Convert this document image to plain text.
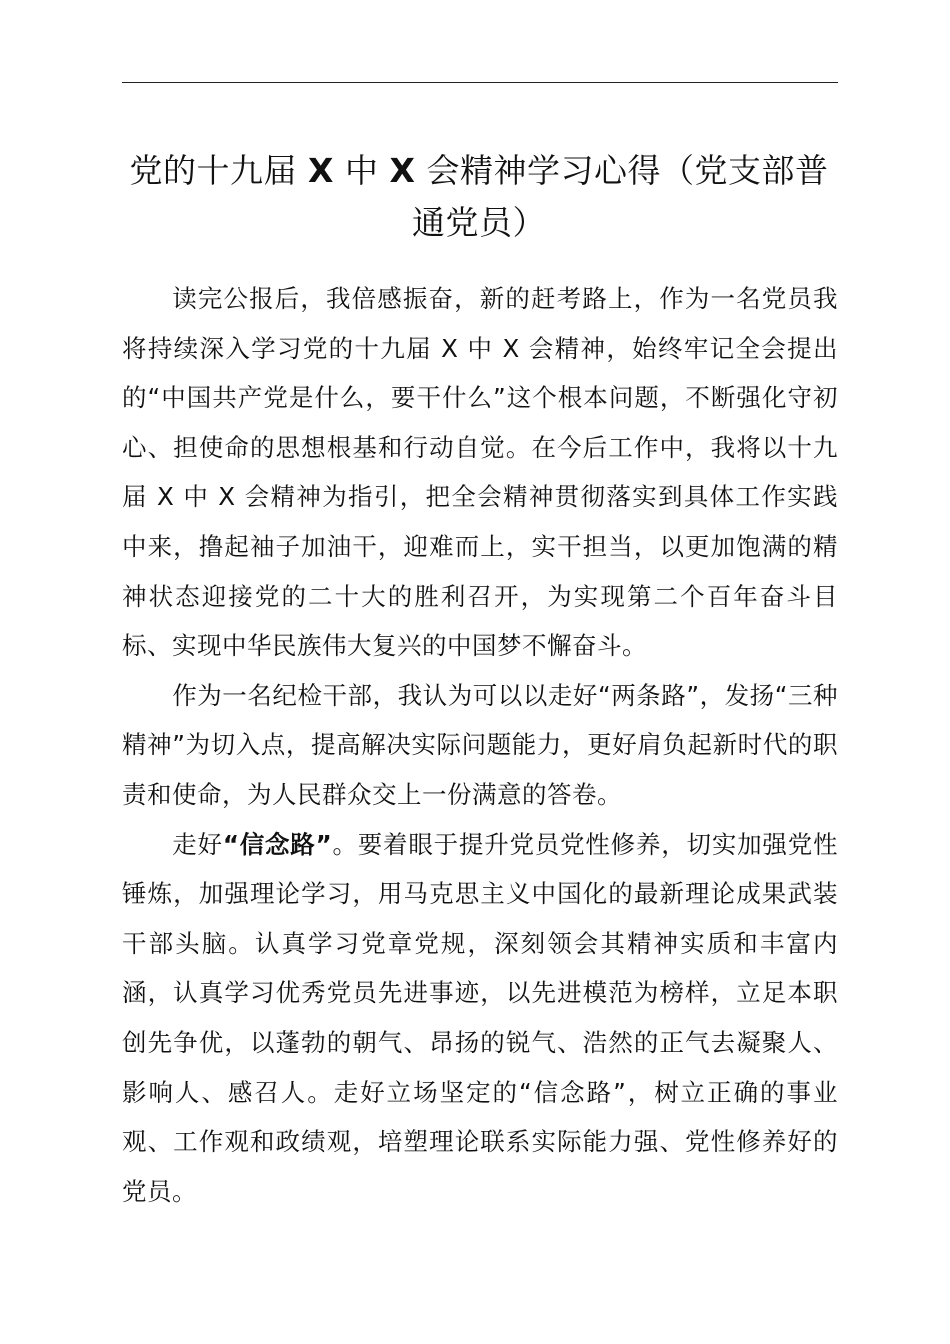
党的十九届 X 中 X 会精神学习心得（党支部普通党员）

读完公报后，我倍感振奋，新的赶考路上，作为一名党员我将持续深入学习党的十九届 X 中 X 会精神，始终牢记全会提出的“中国共产党是什么，要干什么”这个根本问题，不断强化守初心、担使命的思想根基和行动自觉。在今后工作中，我将以十九届 X 中 X 会精神为指引，把全会精神贯彻落实到具体工作实践中来，撸起袖子加油干，迎难而上，实干担当，以更加饱满的精神状态迎接党的二十大的胜利召开，为实现第二个百年奋斗目标、实现中华民族伟大复兴的中国梦不懈奋斗。

作为一名纪检干部，我认为可以以走好“两条路”，发扬“三种精神”为切入点，提高解决实际问题能力，更好肩负起新时代的职责和使命，为人民群众交上一份满意的答卷。

走好“信念路”。要着眼于提升党员党性修养，切实加强党性锤炼，加强理论学习，用马克思主义中国化的最新理论成果武装干部头脑。认真学习党章党规，深刻领会其精神实质和丰富内涵，认真学习优秀党员先进事迹，以先进模范为榜样，立足本职创先争优，以蓬勃的朝气、昂扬的锐气、浩然的正气去凝聚人、影响人、感召人。走好立场坚定的“信念路”，树立正确的事业观、工作观和政绩观，培塑理论联系实际能力强、党性修养好的党员。
